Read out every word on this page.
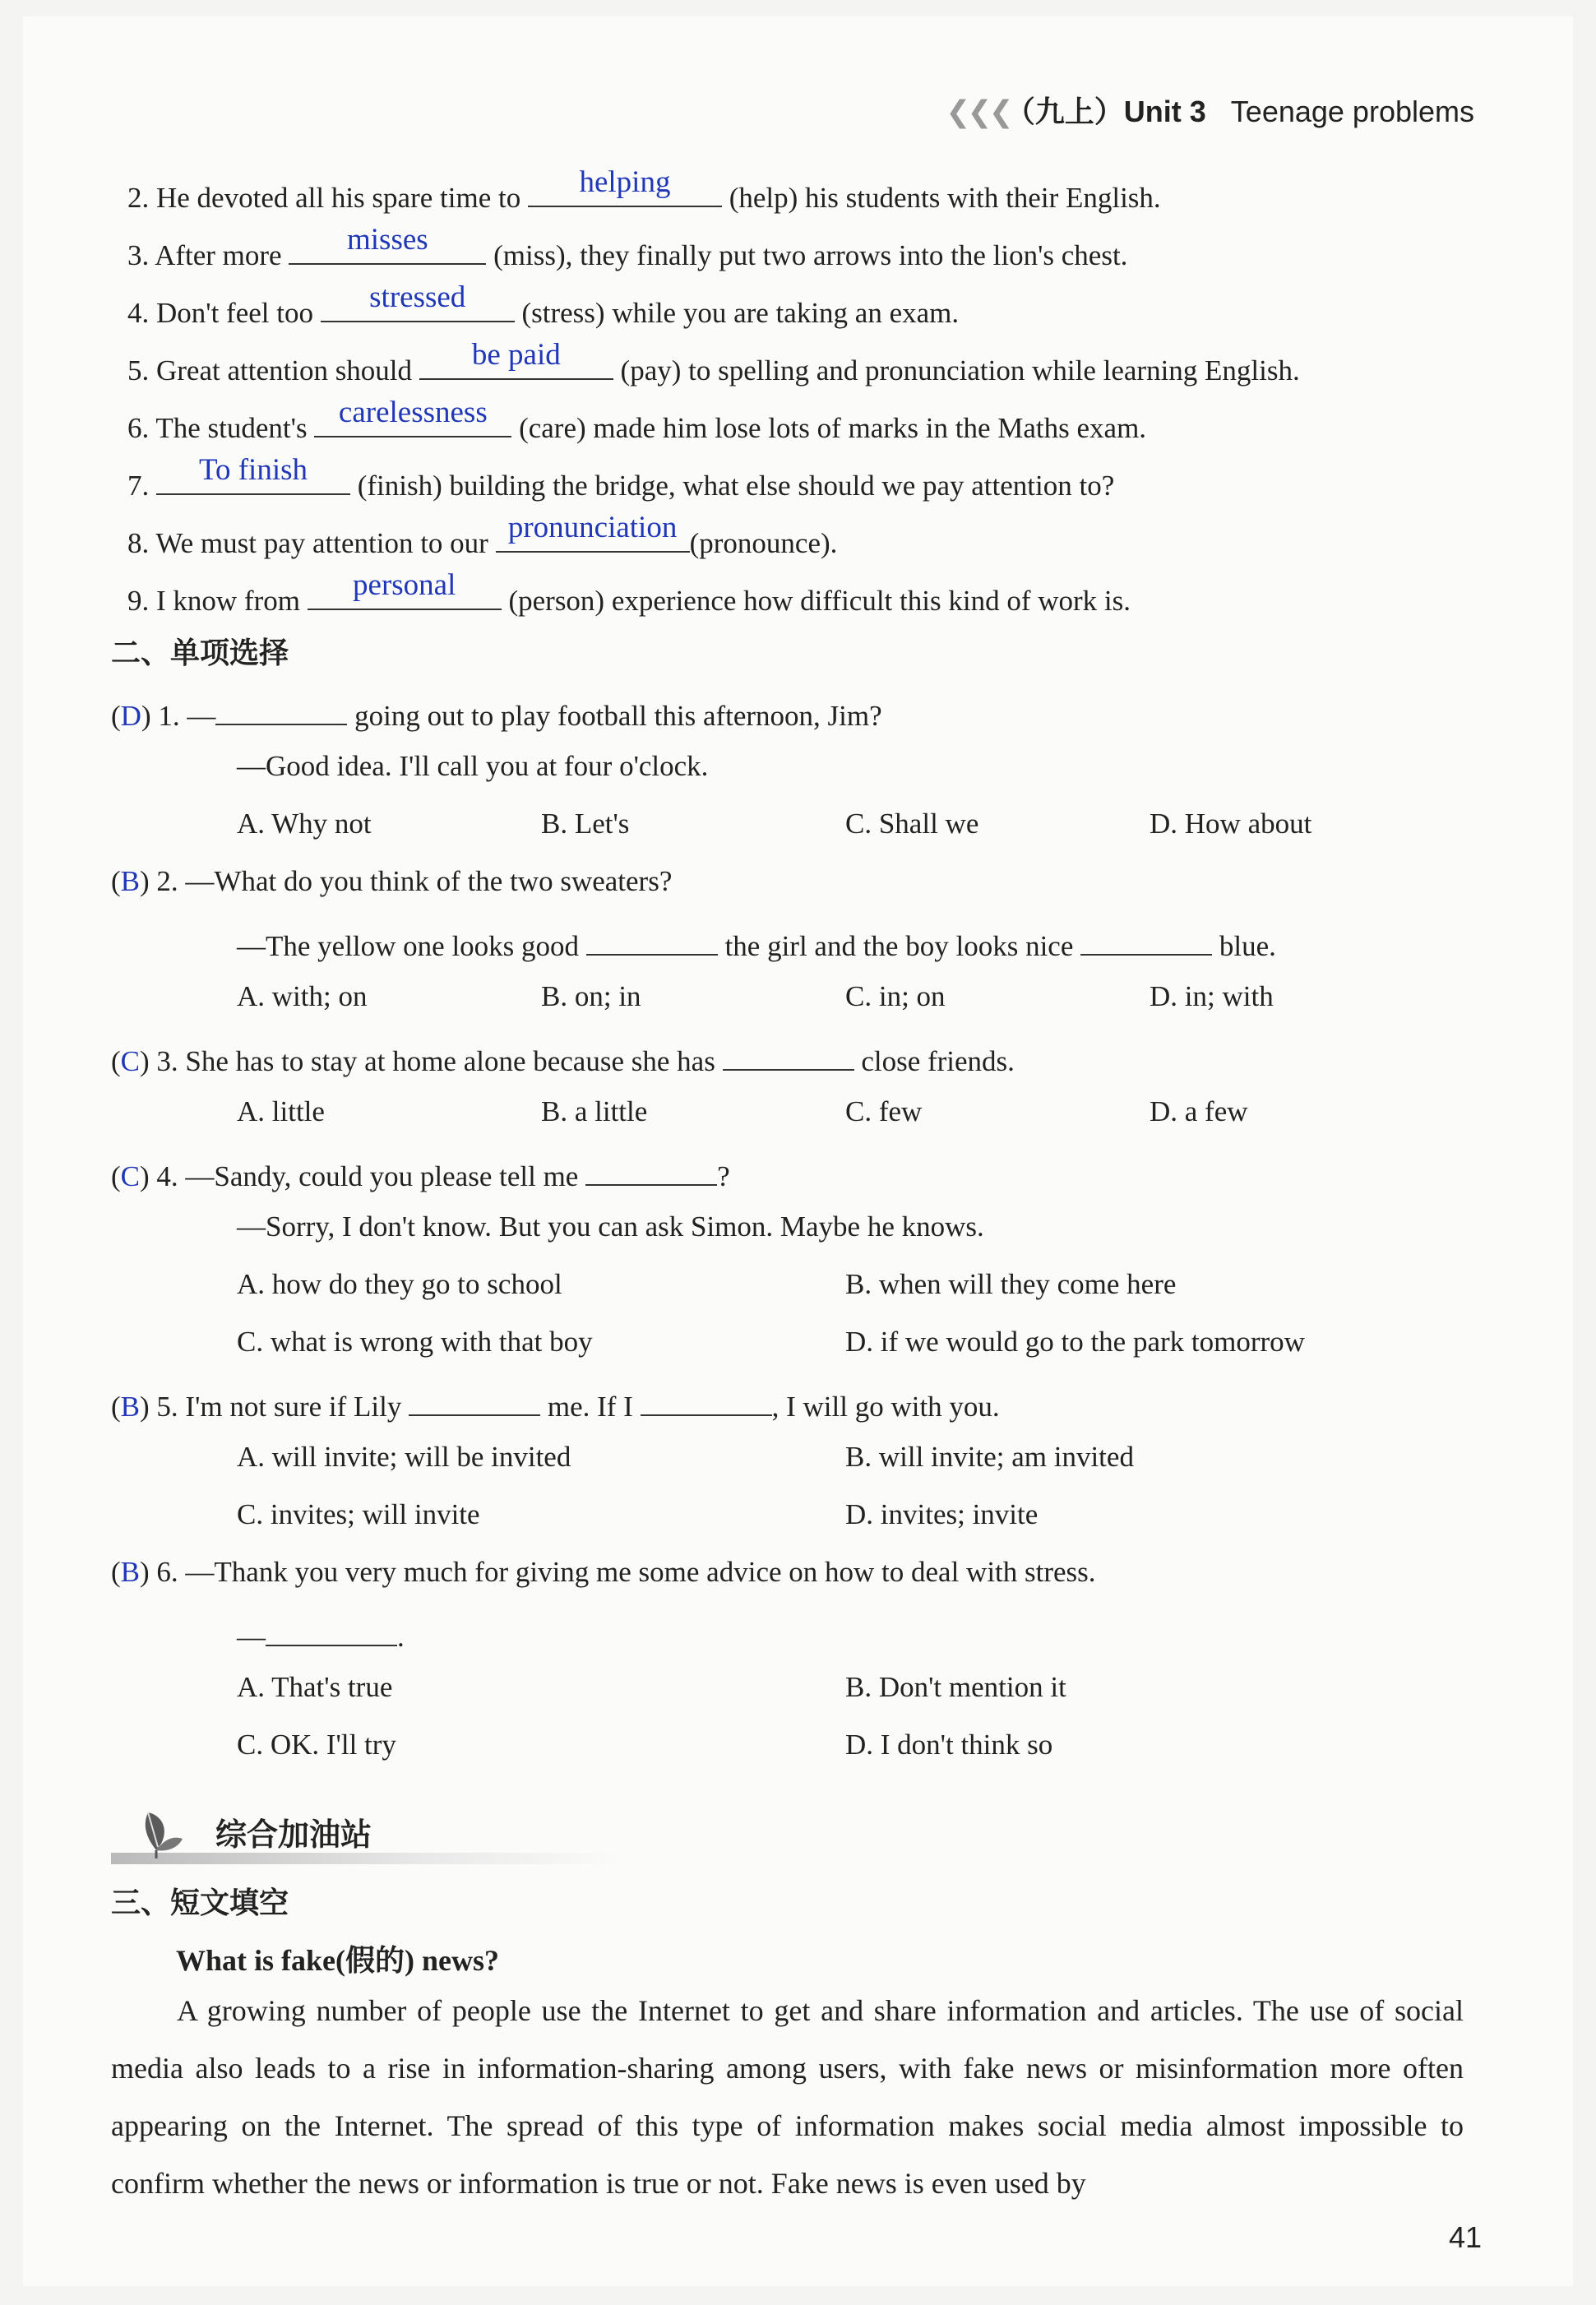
❮❮❮ （九上）Unit 3 Teenage problems
2. He devoted all his spare time to	helping	(help) his students with their English.
3. After more	misses	(miss), they finally put two arrows into the lion's chest.
4. Don't feel too	stressed	(stress) while you are taking an exam.
5. Great attention should	be paid	(pay) to spelling and pronunciation while learning English.
6. The student's	carelessness	(care) made him lose lots of marks in the Maths exam.
7.	To finish	(finish) building the bridge, what else should we pay attention to?
8. We must pay attention to our pronunciation (pronounce).
9. I know from	personal	(person) experience how difficult this kind of work is.
二、单项选择
(D) 1. —	going out to play football this afternoon, Jim?
—Good idea. I'll call you at four o'clock.
A. Why not	B. Let's	C. Shall we	D. How about
(B) 2. —What do you think of the two sweaters?
—The yellow one looks good	the girl and the boy looks nice	blue.
A. with; on	B. on; in	C. in; on	D. in; with
(C) 3. She has to stay at home alone because she has	close friends.
A. little	B. a little	C. few	D. a few
(C) 4. —Sandy, could you please tell me	?
—Sorry, I don't know. But you can ask Simon. Maybe he knows.
A. how do they go to school	B. when will they come here
C. what is wrong with that boy	D. if we would go to the park tomorrow
(B) 5. I'm not sure if Lily	me. If I	, I will go with you.
A. will invite; will be invited	B. will invite; am invited
C. invites; will invite	D. invites; invite
(B) 6. —Thank you very much for giving me some advice on how to deal with stress.
—	.
A. That's true	B. Don't mention it
C. OK. I'll try	D. I don't think so
综合加油站
三、短文填空
What is fake(假的) news?
A growing number of people use the Internet to get and share information and articles. The use of social media also leads to a rise in information-sharing among users, with fake news or misinformation more often appearing on the Internet. The spread of this type of information makes social media almost impossible to confirm whether the news or information is true or not. Fake news is even used by
41
